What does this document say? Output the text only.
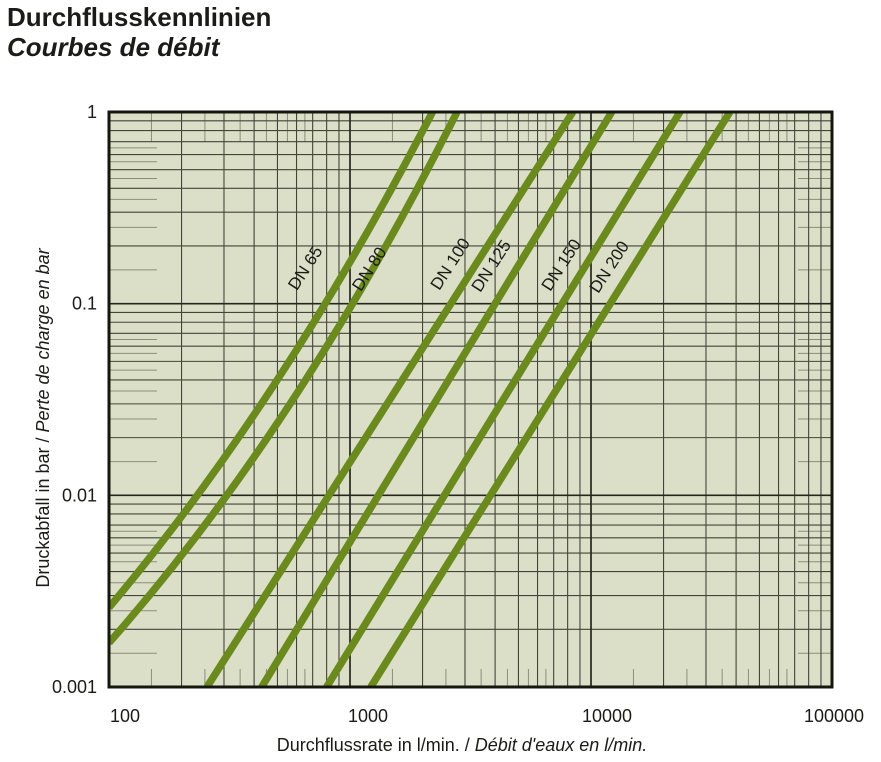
Durchflusskennlinien
Courbes de débit
DN 65 DN 80 DN 100
DN 125 DN 150 DN 200
100	1000	10000	100000
1
0.1
0.01
0.001
Durchflussrate in l/min. / Débit d'eaux en l/min.
Druckabfall in bar / Perte de charge en bar
